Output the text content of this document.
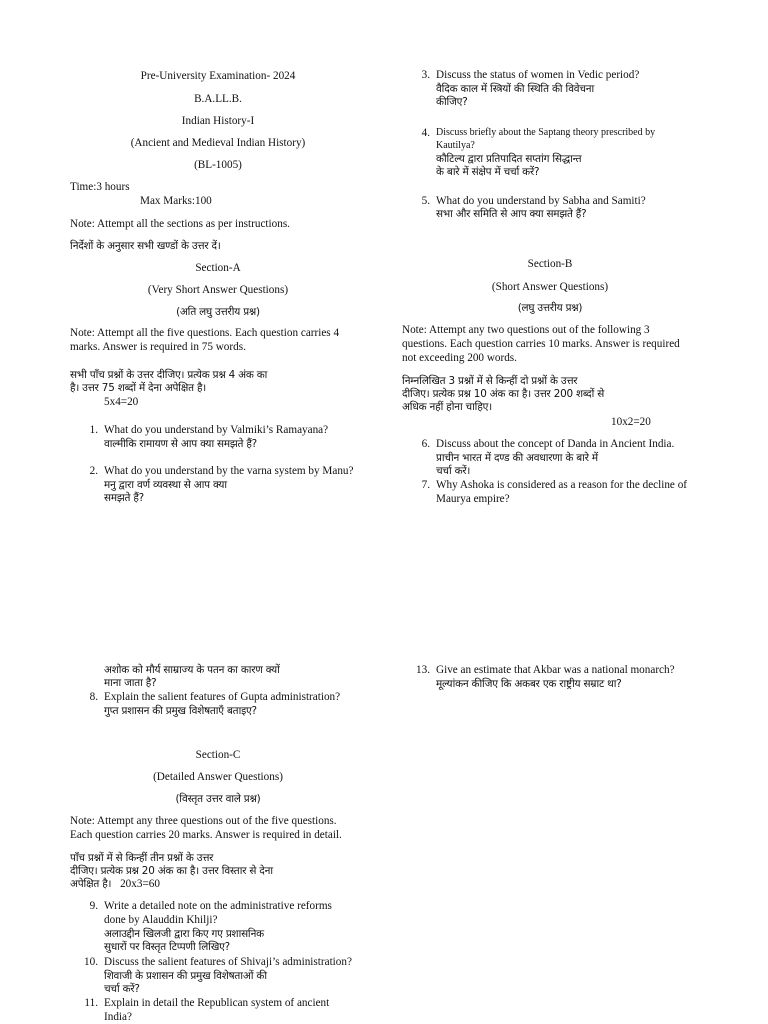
Pre-University Examination- 2024
B.A.LL.B.
Indian History-I
(Ancient and Medieval Indian History)
(BL-1005)
Time:3 hours
Max Marks:100
Note: Attempt all the sections as per instructions.
निर्देशों के अनुसार सभी खण्डों के उत्तर दें।
Section-A
(Very Short Answer Questions)
(अति लघु उत्तरीय प्रश्न)
Note: Attempt all the five questions. Each question carries 4
marks. Answer is required in 75 words.
सभी पाँच प्रश्नों के उत्तर दीजिए। प्रत्येक प्रश्न 4 अंक का
है। उत्तर 75 शब्दों में देना अपेक्षित है।
5x4=20
1. What do you understand by Valmiki’s Ramayana?
वाल्मीकि रामायण से आप क्या समझते हैं?
2. What do you understand by the varna system by Manu?
मनु द्वारा वर्ण व्यवस्था से आप क्या
समझते हैं?
3. Discuss the status of women in Vedic period?
वैदिक काल में स्त्रियों की स्थिति की विवेचना
कीजिए?
4. Discuss briefly about the Saptang theory prescribed by
Kautilya?
कौटिल्य द्वारा प्रतिपादित सप्तांग सिद्धान्त
के बारे में संक्षेप में चर्चा करें?
5. What do you understand by Sabha and Samiti?
सभा और समिति से आप क्या समझते हैं?
Section-B
(Short Answer Questions)
(लघु उत्तरीय प्रश्न)
Note: Attempt any two questions out of the following 3
questions. Each question carries 10 marks. Answer is required
not exceeding 200 words.
निम्नलिखित 3 प्रश्नों में से किन्हीं दो प्रश्नों के उत्तर
दीजिए। प्रत्येक प्रश्न 10 अंक का है। उत्तर 200 शब्दों से
अधिक नहीं होना चाहिए।
10x2=20
6. Discuss about the concept of Danda in Ancient India.
प्राचीन भारत में दण्ड की अवधारणा के बारे में
चर्चा करें।
7. Why Ashoka is considered as a reason for the decline of
Maurya empire?
अशोक को मौर्य साम्राज्य के पतन का कारण क्यों
माना जाता है?
8. Explain the salient features of Gupta administration?
गुप्त प्रशासन की प्रमुख विशेषताएँ बताइए?
Section-C
(Detailed Answer Questions)
(विस्तृत उत्तर वाले प्रश्न)
Note: Attempt any three questions out of the five questions.
Each question carries 20 marks. Answer is required in detail.
पाँच प्रश्नों में से किन्हीं तीन प्रश्नों के उत्तर
दीजिए। प्रत्येक प्रश्न 20 अंक का है। उत्तर विस्तार से देना
अपेक्षित है। 20x3=60
9. Write a detailed note on the administrative reforms
done by Alauddin Khilji?
अलाउद्दीन खिलजी द्वारा किए गए प्रशासनिक
सुधारों पर विस्तृत टिप्पणी लिखिए?
10. Discuss the salient features of Shivaji’s administration?
शिवाजी के प्रशासन की प्रमुख विशेषताओं की
चर्चा करें?
11. Explain in detail the Republican system of ancient
India?
13. Give an estimate that Akbar was a national monarch?
मूल्यांकन कीजिए कि अकबर एक राष्ट्रीय सम्राट था?
